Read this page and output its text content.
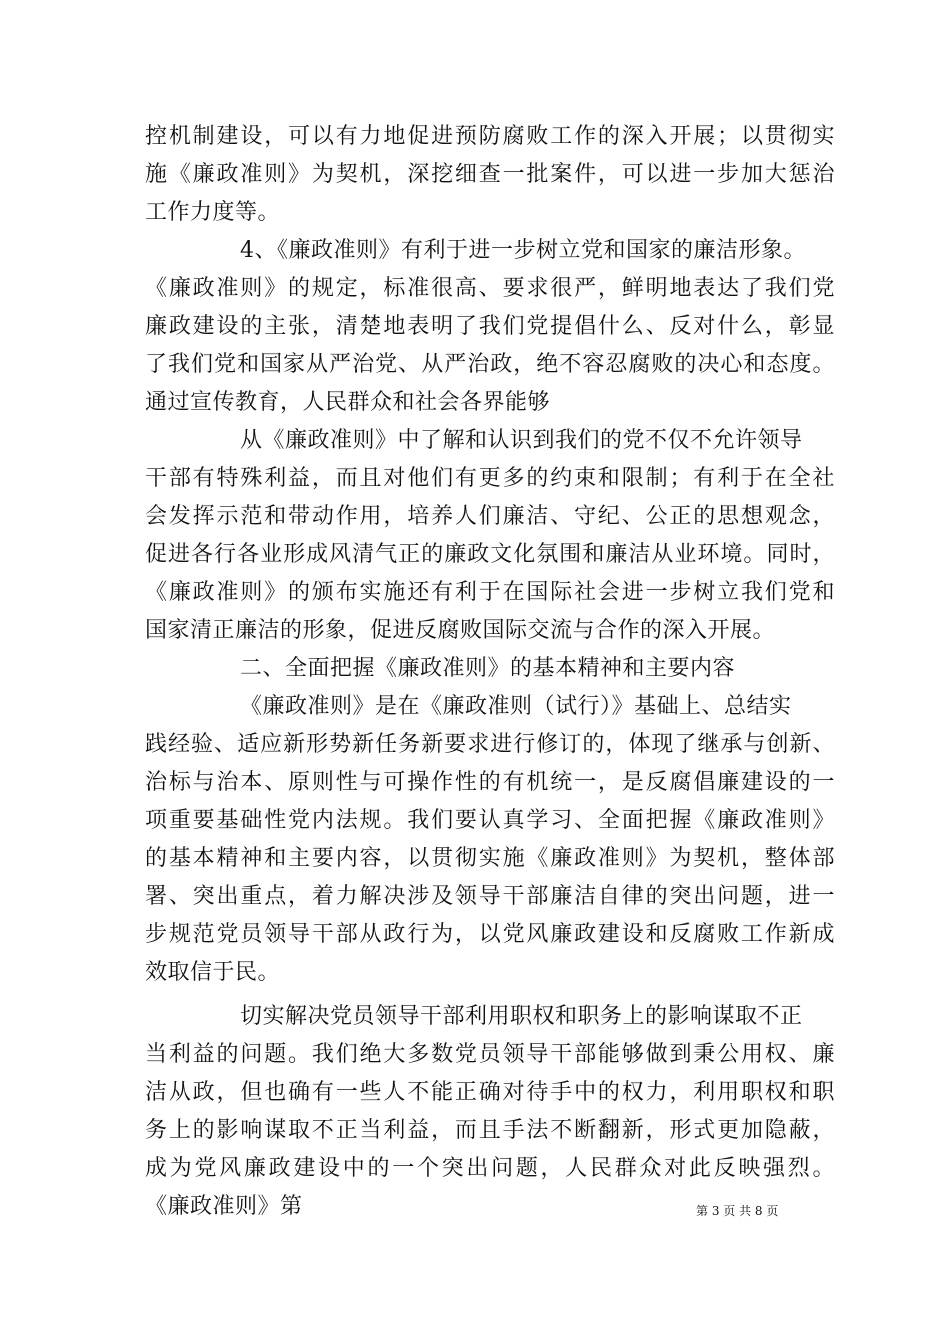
控机制建设，可以有力地促进预防腐败工作的深入开展；以贯彻实
施《廉政准则》为契机，深挖细查一批案件，可以进一步加大惩治
工作力度等。
4、《廉政准则》有利于进一步树立党和国家的廉洁形象。
《廉政准则》的规定，标准很高、要求很严，鲜明地表达了我们党
廉政建设的主张，清楚地表明了我们党提倡什么、反对什么，彰显
了我们党和国家从严治党、从严治政，绝不容忍腐败的决心和态度。
通过宣传教育，人民群众和社会各界能够
从《廉政准则》中了解和认识到我们的党不仅不允许领导
干部有特殊利益，而且对他们有更多的约束和限制；有利于在全社
会发挥示范和带动作用，培养人们廉洁、守纪、公正的思想观念，
促进各行各业形成风清气正的廉政文化氛围和廉洁从业环境。同时，
《廉政准则》的颁布实施还有利于在国际社会进一步树立我们党和
国家清正廉洁的形象，促进反腐败国际交流与合作的深入开展。
二、全面把握《廉政准则》的基本精神和主要内容
《廉政准则》是在《廉政准则（试行）》基础上、总结实
践经验、适应新形势新任务新要求进行修订的，体现了继承与创新、
治标与治本、原则性与可操作性的有机统一，是反腐倡廉建设的一
项重要基础性党内法规。我们要认真学习、全面把握《廉政准则》
的基本精神和主要内容，以贯彻实施《廉政准则》为契机，整体部
署、突出重点，着力解决涉及领导干部廉洁自律的突出问题，进一
步规范党员领导干部从政行为，以党风廉政建设和反腐败工作新成
效取信于民。
切实解决党员领导干部利用职权和职务上的影响谋取不正
当利益的问题。我们绝大多数党员领导干部能够做到秉公用权、廉
洁从政，但也确有一些人不能正确对待手中的权力，利用职权和职
务上的影响谋取不正当利益，而且手法不断翻新，形式更加隐蔽，
成为党风廉政建设中的一个突出问题，人民群众对此反映强烈。
《廉政准则》第	第 3 页 共 8 页
